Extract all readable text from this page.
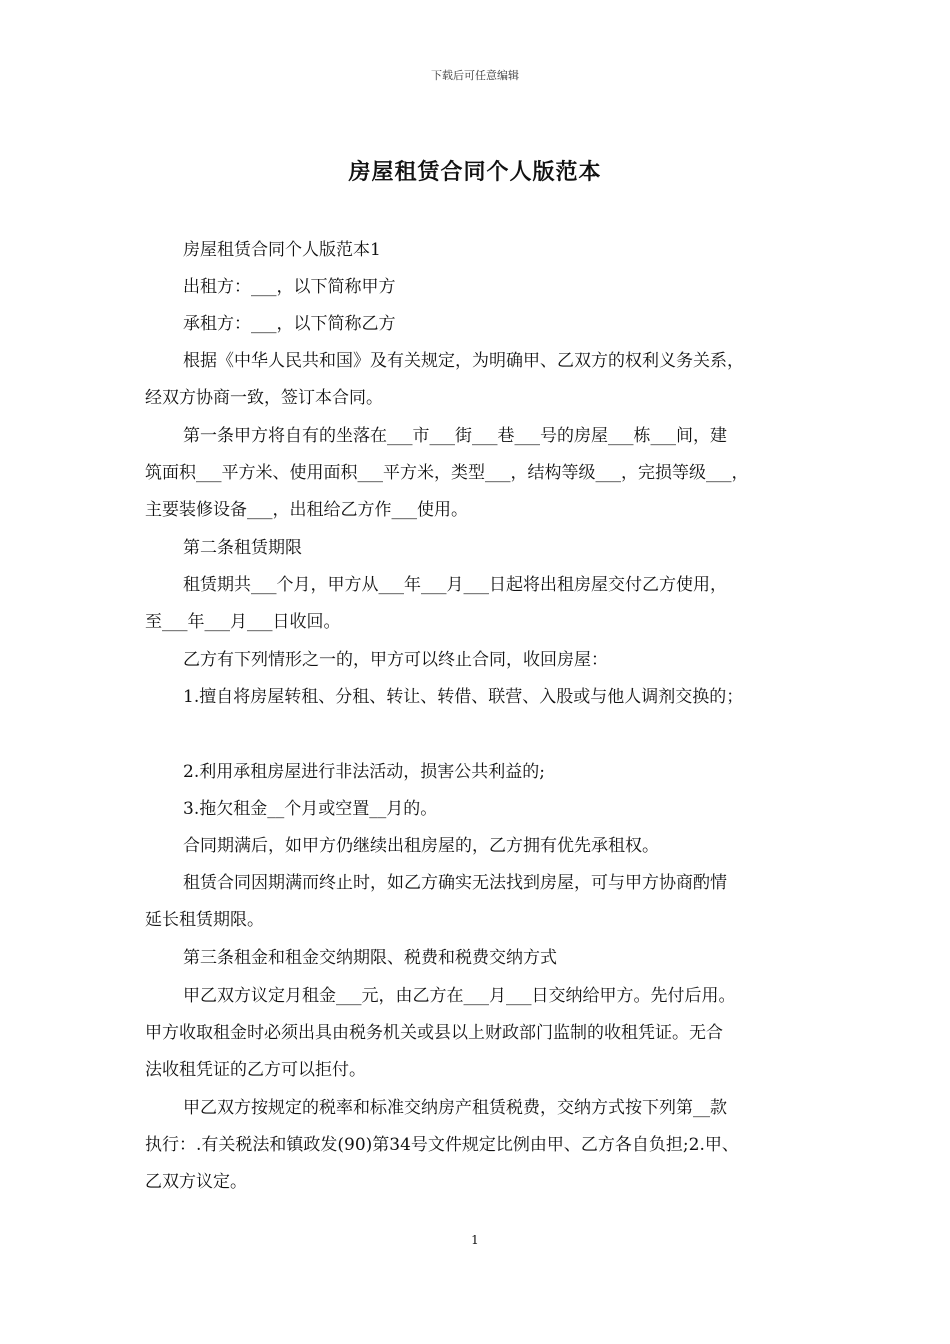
下载后可任意编辑
房屋租赁合同个人版范本
房屋租赁合同个人版范本1
出租方：___，以下简称甲方
承租方：___，以下简称乙方
根据《中华人民共和国》及有关规定，为明确甲、乙双方的权利义务关系，
经双方协商一致，签订本合同。
第一条甲方将自有的坐落在___市___街___巷___号的房屋___栋___间，建
筑面积___平方米、使用面积___平方米，类型___，结构等级___，完损等级___，
主要装修设备___，出租给乙方作___使用。
第二条租赁期限
租赁期共___个月，甲方从___年___月___日起将出租房屋交付乙方使用，
至___年___月___日收回。
乙方有下列情形之一的，甲方可以终止合同，收回房屋：
1.擅自将房屋转租、分租、转让、转借、联营、入股或与他人调剂交换的；
2.利用承租房屋进行非法活动，损害公共利益的;
3.拖欠租金__个月或空置__月的。
合同期满后，如甲方仍继续出租房屋的，乙方拥有优先承租权。
租赁合同因期满而终止时，如乙方确实无法找到房屋，可与甲方协商酌情
延长租赁期限。
第三条租金和租金交纳期限、税费和税费交纳方式
甲乙双方议定月租金___元，由乙方在___月___日交纳给甲方。先付后用。
甲方收取租金时必须出具由税务机关或县以上财政部门监制的收租凭证。无合
法收租凭证的乙方可以拒付。
甲乙双方按规定的税率和标准交纳房产租赁税费，交纳方式按下列第__款
执行：.有关税法和镇政发(90)第34号文件规定比例由甲、乙方各自负担;2.甲、
乙双方议定。
1
